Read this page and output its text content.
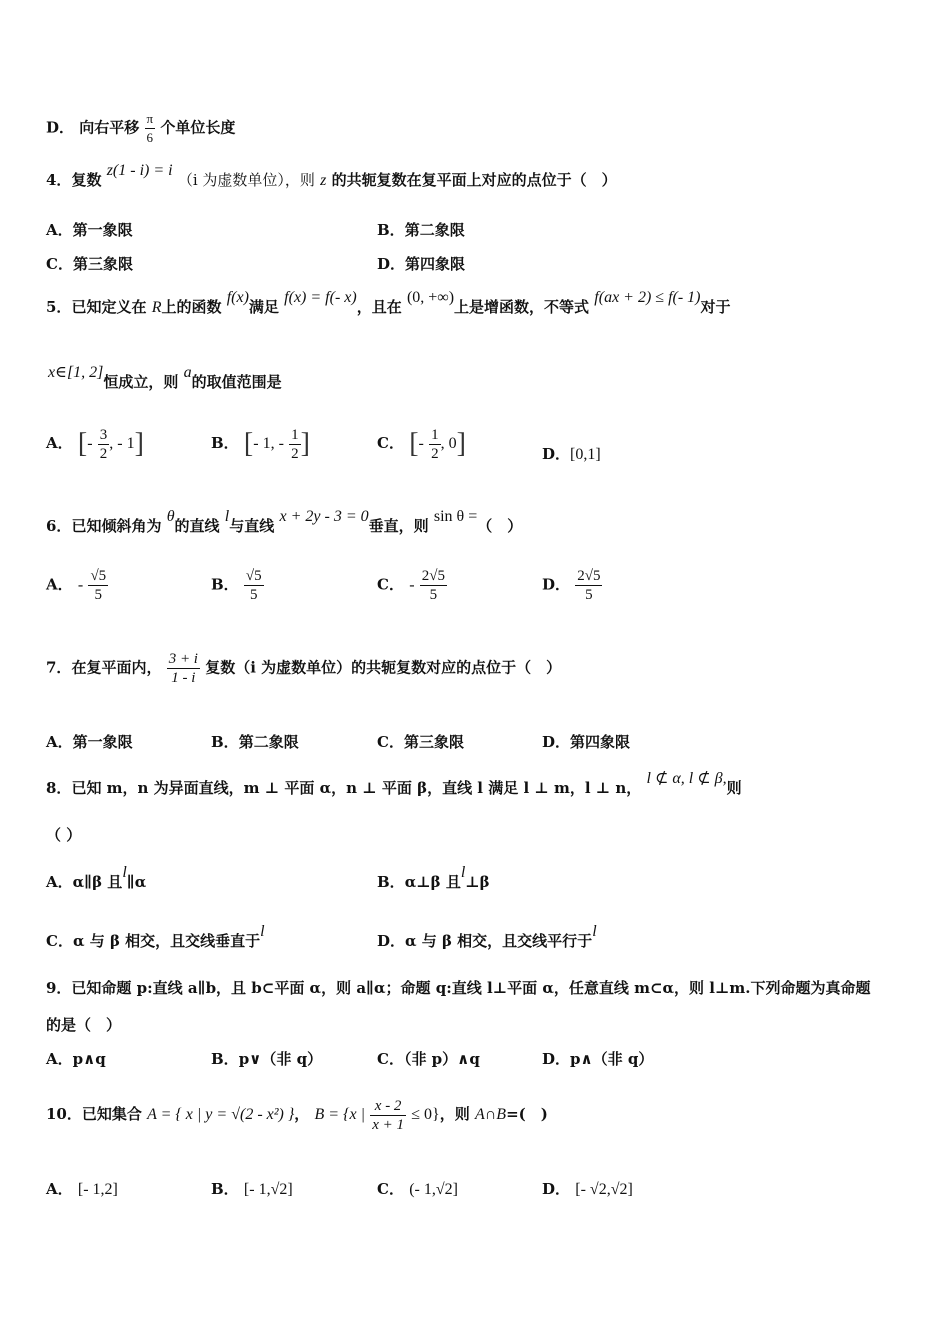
D． 向右平移 $\frac{\pi}{6}$ 个单位长度
4．复数 z(1 - i) = i （i 为虚数单位），则 z 的共轭复数在复平面上对应的点位于（　）
A．第一象限	B．第二象限
C．第三象限	D．第四象限
5．已知定义在 R上的函数 f(x)满足 f(x) = f(- x)，且在 (0, +∞)上是增函数，不等式 f(ax + 2) ≤ f(- 1)对于
x∈[1, 2]恒成立，则 a的取值范围是
A． [- $\frac{3}{2}$ , - 1]	B． [- 1, - $\frac{1}{2}$ ]	C． [- $\frac{1}{2}$ , 0]	D．[0,1]
6．已知倾斜角为 θ的直线 l与直线 x + 2y - 3 = 0垂直，则 sin θ =（　）
A． - $\frac{√5}{5}$	B． $\frac{√5}{5}$	C． - $\frac{2√5}{5}$	D． $\frac{2√5}{5}$
7．在复平面内， $\frac{3 + i}{1 - i}$ 复数（i 为虚数单位）的共轭复数对应的点位于（　）
A．第一象限	B．第二象限	C．第三象限	D．第四象限
8．已知 m，n 为异面直线，m ⊥ 平面 α，n ⊥ 平面 β，直线 l 满足 l ⊥ m，l ⊥ n， l ⊄ α, l ⊄ β,则
（ ）
A．α∥β 且l∥α	B．α⊥β 且l⊥β
C．α 与 β 相交，且交线垂直于l
D．α 与 β 相交，且交线平行于l
9．已知命题 p:直线 a∥b，且 b⊂平面 α，则 a∥α；命题 q:直线 l⊥平面 α，任意直线 m⊂α，则 l⊥m.下列命题为真命题
的是（　）
A．p∧q	B．p∨（非 q）	C．（非 p）∧q	D．p∧（非 q）
10．已知集合 A = { x | y = √(2 - x²) }， B = {x | $\frac{x - 2}{x + 1} \le 0$}，则 A∩B=(　)
A． [- 1,2]	B． [- 1,√2]	C． (- 1,√2]	D． [- √2,√2]
